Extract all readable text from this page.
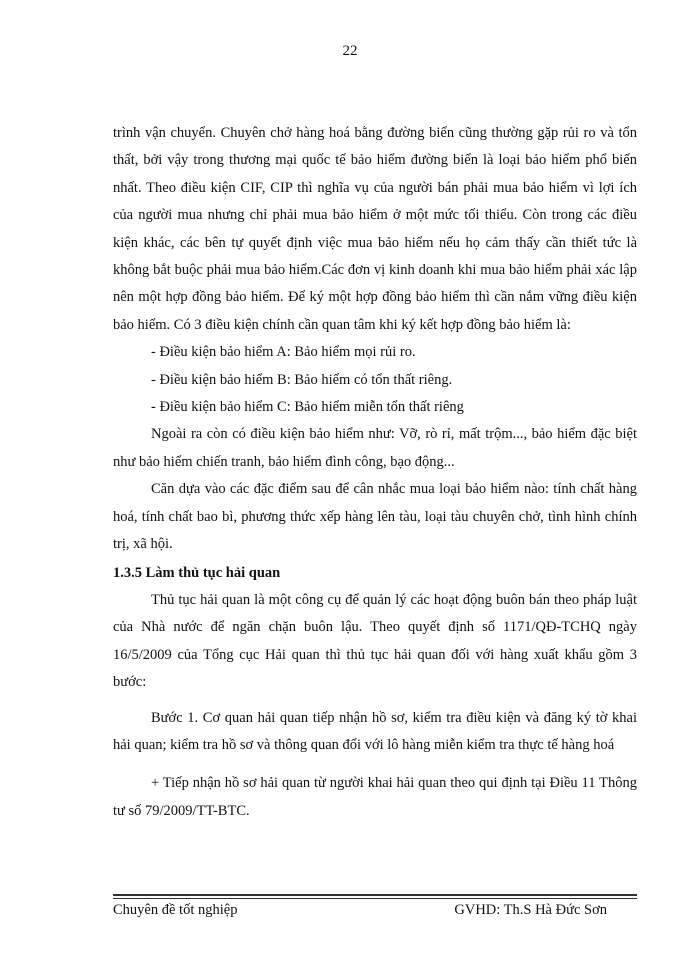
22

trình vận chuyển. Chuyên chở hàng hoá bằng đường biển cũng thường gặp rủi ro và tổn thất, bởi vậy trong thương mại quốc tế bảo hiểm đường biển là loại bảo hiểm phổ biến nhất. Theo điều kiện CIF, CIP thì nghĩa vụ của người bán phải mua bảo hiểm vì lợi ích của người mua nhưng chỉ phải mua bảo hiểm ở một mức tối thiểu. Còn trong các điều kiện khác, các bên tự quyết định việc mua bảo hiểm nếu họ cảm thấy cần thiết tức là không bắt buộc phải mua bảo hiểm.Các đơn vị kinh doanh khi mua bảo hiểm phải xác lập nên một hợp đồng bảo hiểm. Để ký một hợp đồng bảo hiểm thì cần nắm vững điều kiện bảo hiểm. Có 3 điều kiện chính cần quan tâm khi ký kết hợp đồng bảo hiểm là:

- Điều kiện bảo hiểm A: Bảo hiểm mọi rủi ro.

- Điều kiện bảo hiểm B: Bảo hiểm có tổn thất riêng.

- Điều kiện bảo hiểm C: Bảo hiểm miễn tổn thất riêng

Ngoài ra còn có điều kiện bảo hiểm như: Vỡ, rò rỉ, mất trộm..., bảo hiểm đặc biệt như bảo hiểm chiến tranh, bảo hiểm đình công, bạo động...

Căn dựa vào các đặc điểm sau để cân nhắc mua loại bảo hiểm nào: tính chất hàng hoá, tính chất bao bì, phương thức xếp hàng lên tàu, loại tàu chuyên chở, tình hình chính trị, xã hội.

1.3.5 Làm thủ tục hải quan

Thủ tục hải quan là một công cụ để quản lý các hoạt động buôn bán theo pháp luật của Nhà nước để ngăn chặn buôn lậu. Theo quyết định số 1171/QĐ-TCHQ ngày 16/5/2009 của Tổng cục Hải quan thì thủ tục hải quan đối với hàng xuất khẩu gồm 3 bước:

Bước 1. Cơ quan hải quan tiếp nhận hồ sơ, kiểm tra điều kiện và đăng ký tờ khai hải quan; kiểm tra hồ sơ và thông quan đối với lô hàng miễn kiểm tra thực tế hàng hoá

+ Tiếp nhận hồ sơ hải quan từ người khai hải quan theo qui định tại Điều 11 Thông tư số 79/2009/TT-BTC.

Chuyên đề tốt nghiệp	GVHD: Th.S Hà Đức Sơn
